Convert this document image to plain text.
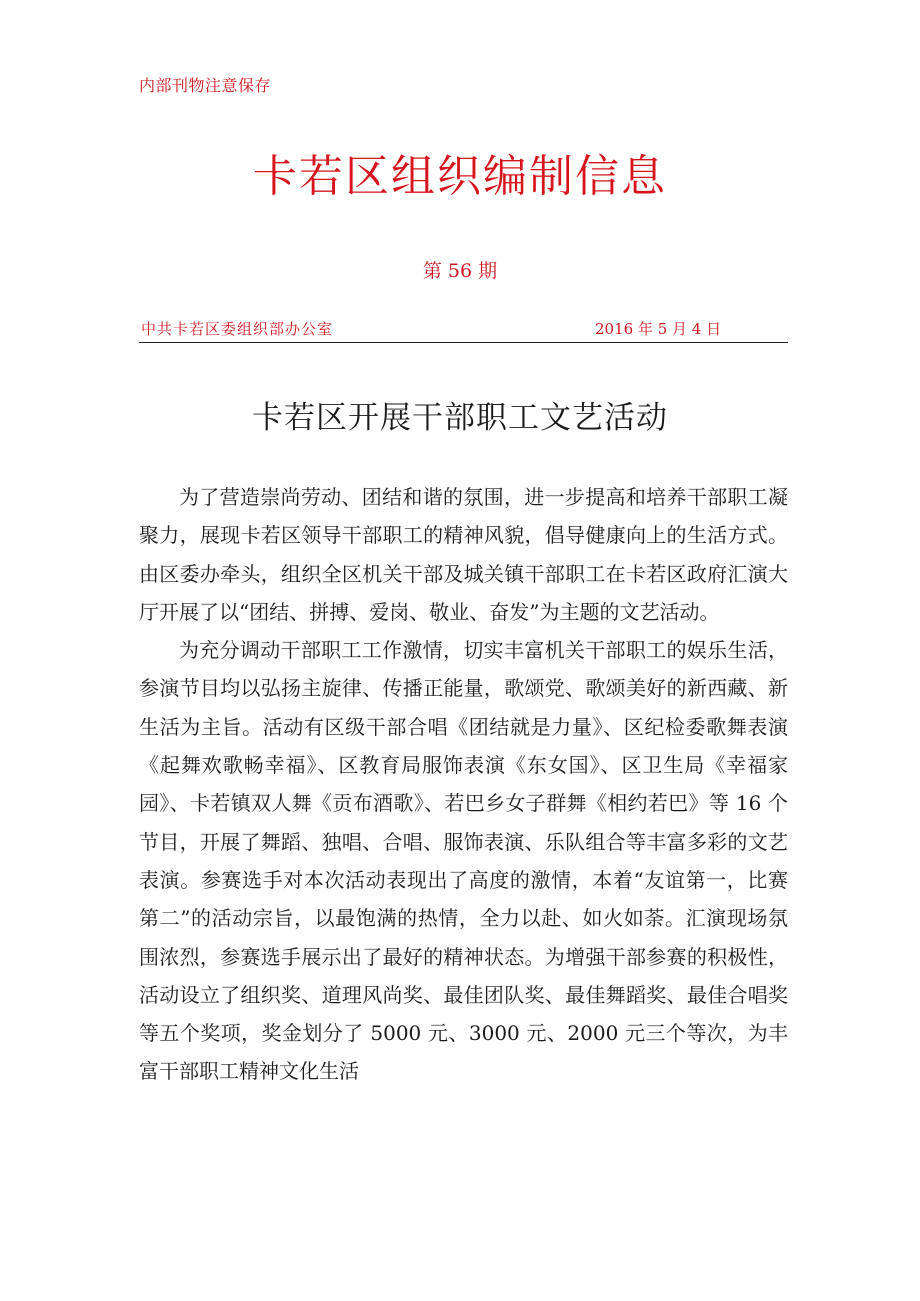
内部刊物注意保存
卡若区组织编制信息
第 56 期
中共卡若区委组织部办公室	2016 年 5 月 4 日
卡若区开展干部职工文艺活动

为了营造崇尚劳动、团结和谐的氛围，进一步提高和培养干部职工凝聚力，展现卡若区领导干部职工的精神风貌，倡导健康向上的生活方式。由区委办牵头，组织全区机关干部及城关镇干部职工在卡若区政府汇演大厅开展了以“团结、拼搏、爱岗、敬业、奋发”为主题的文艺活动。

为充分调动干部职工工作激情，切实丰富机关干部职工的娱乐生活，参演节目均以弘扬主旋律、传播正能量，歌颂党、歌颂美好的新西藏、新生活为主旨。活动有区级干部合唱《团结就是力量》、区纪检委歌舞表演《起舞欢歌畅幸福》、区教育局服饰表演《东女国》、区卫生局《幸福家园》、卡若镇双人舞《贡布酒歌》、若巴乡女子群舞《相约若巴》等 16 个节目，开展了舞蹈、独唱、合唱、服饰表演、乐队组合等丰富多彩的文艺表演。参赛选手对本次活动表现出了高度的激情，本着“友谊第一，比赛第二”的活动宗旨，以最饱满的热情，全力以赴、如火如荼。汇演现场氛围浓烈，参赛选手展示出了最好的精神状态。为增强干部参赛的积极性，活动设立了组织奖、道理风尚奖、最佳团队奖、最佳舞蹈奖、最佳合唱奖等五个奖项，奖金划分了 5000 元、3000 元、2000 元三个等次，为丰富干部职工精神文化生活
